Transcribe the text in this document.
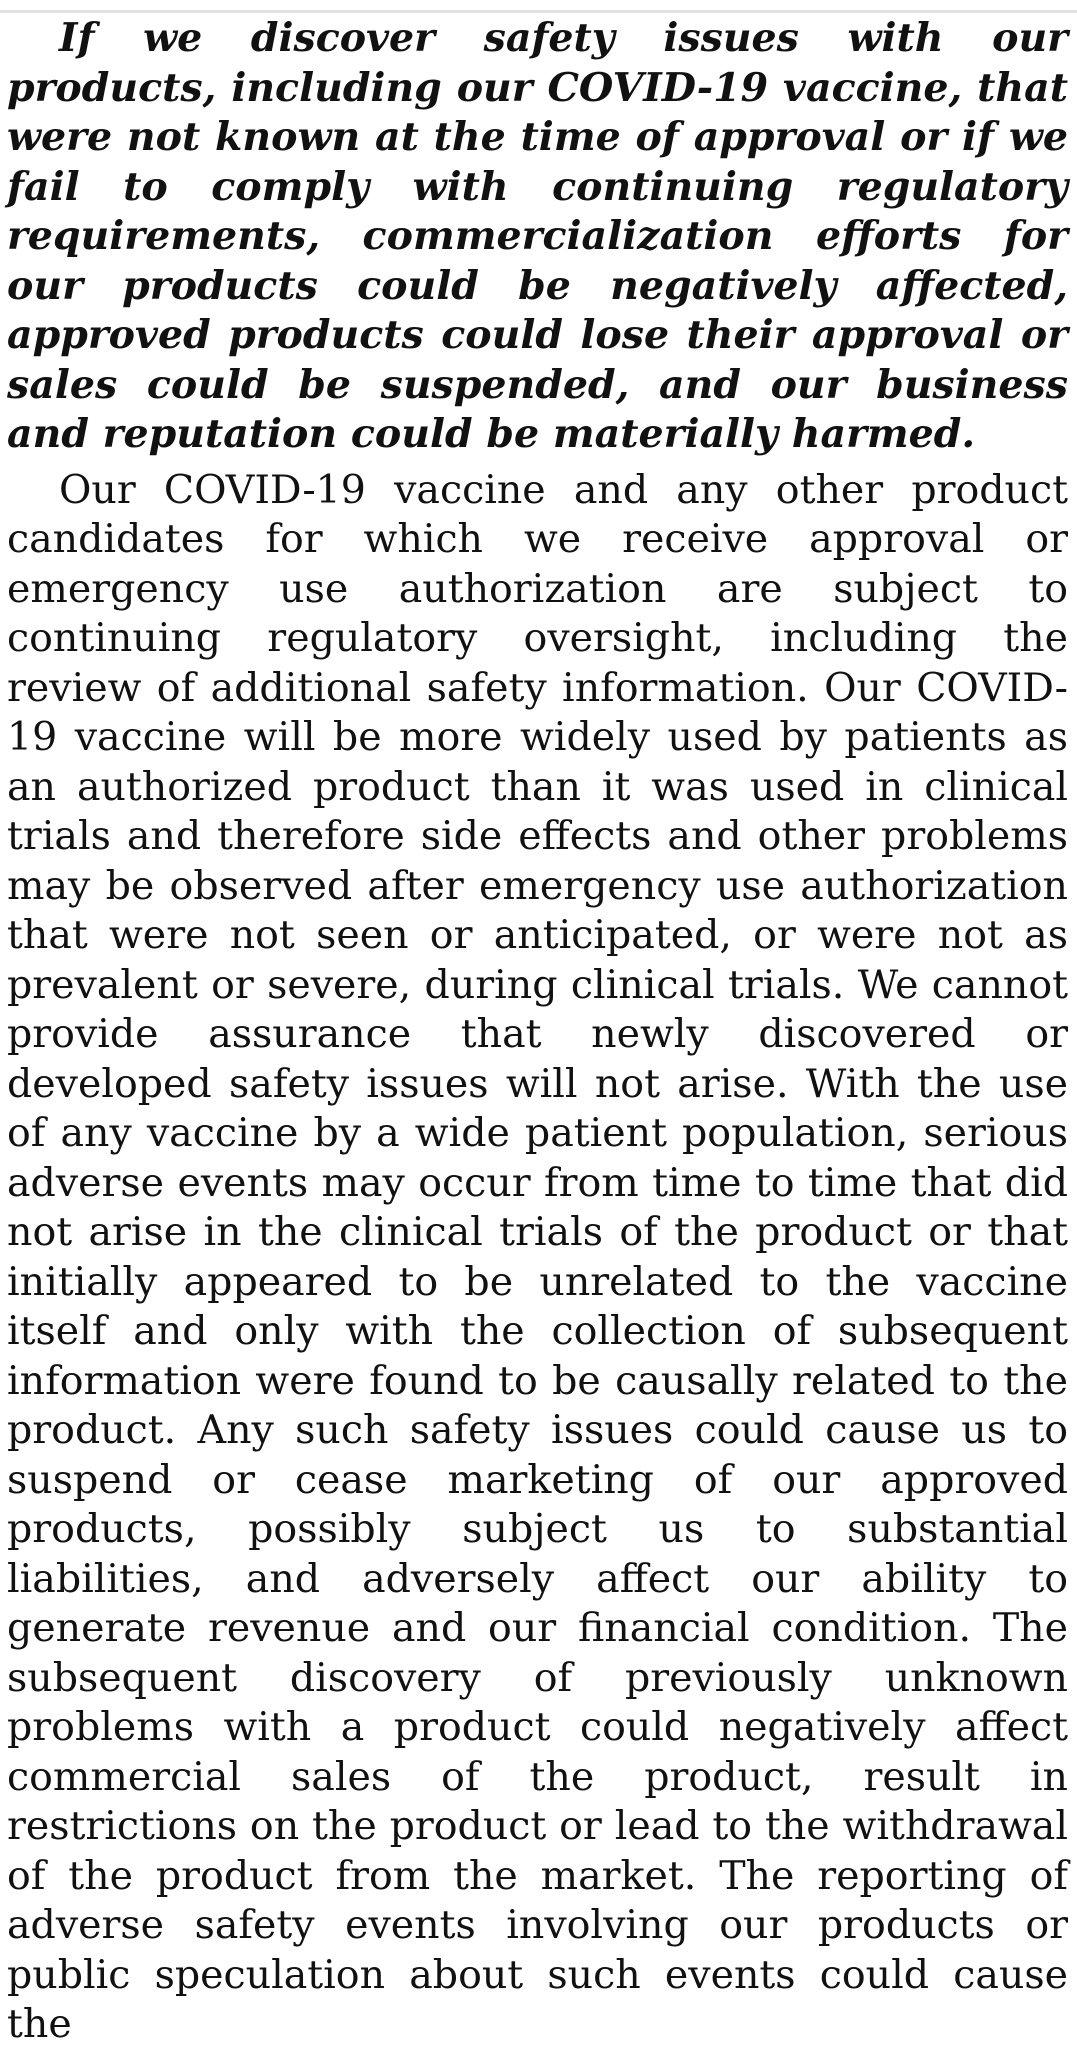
If we discover safety issues with our products, including our COVID-19 vaccine, that were not known at the time of approval or if we fail to comply with continuing regulatory requirements, commercialization efforts for our products could be negatively affected, approved products could lose their approval or sales could be suspended, and our business and reputation could be materially harmed.

Our COVID-19 vaccine and any other product candidates for which we receive approval or emergency use authorization are subject to continuing regulatory oversight, including the review of additional safety information. Our COVID-19 vaccine will be more widely used by patients as an authorized product than it was used in clinical trials and therefore side effects and other problems may be observed after emergency use authorization that were not seen or anticipated, or were not as prevalent or severe, during clinical trials. We cannot provide assurance that newly discovered or developed safety issues will not arise. With the use of any vaccine by a wide patient population, serious adverse events may occur from time to time that did not arise in the clinical trials of the product or that initially appeared to be unrelated to the vaccine itself and only with the collection of subsequent information were found to be causally related to the product. Any such safety issues could cause us to suspend or cease marketing of our approved products, possibly subject us to substantial liabilities, and adversely affect our ability to generate revenue and our financial condition. The subsequent discovery of previously unknown problems with a product could negatively affect commercial sales of the product, result in restrictions on the product or lead to the withdrawal of the product from the market. The reporting of adverse safety events involving our products or public speculation about such events could cause the
